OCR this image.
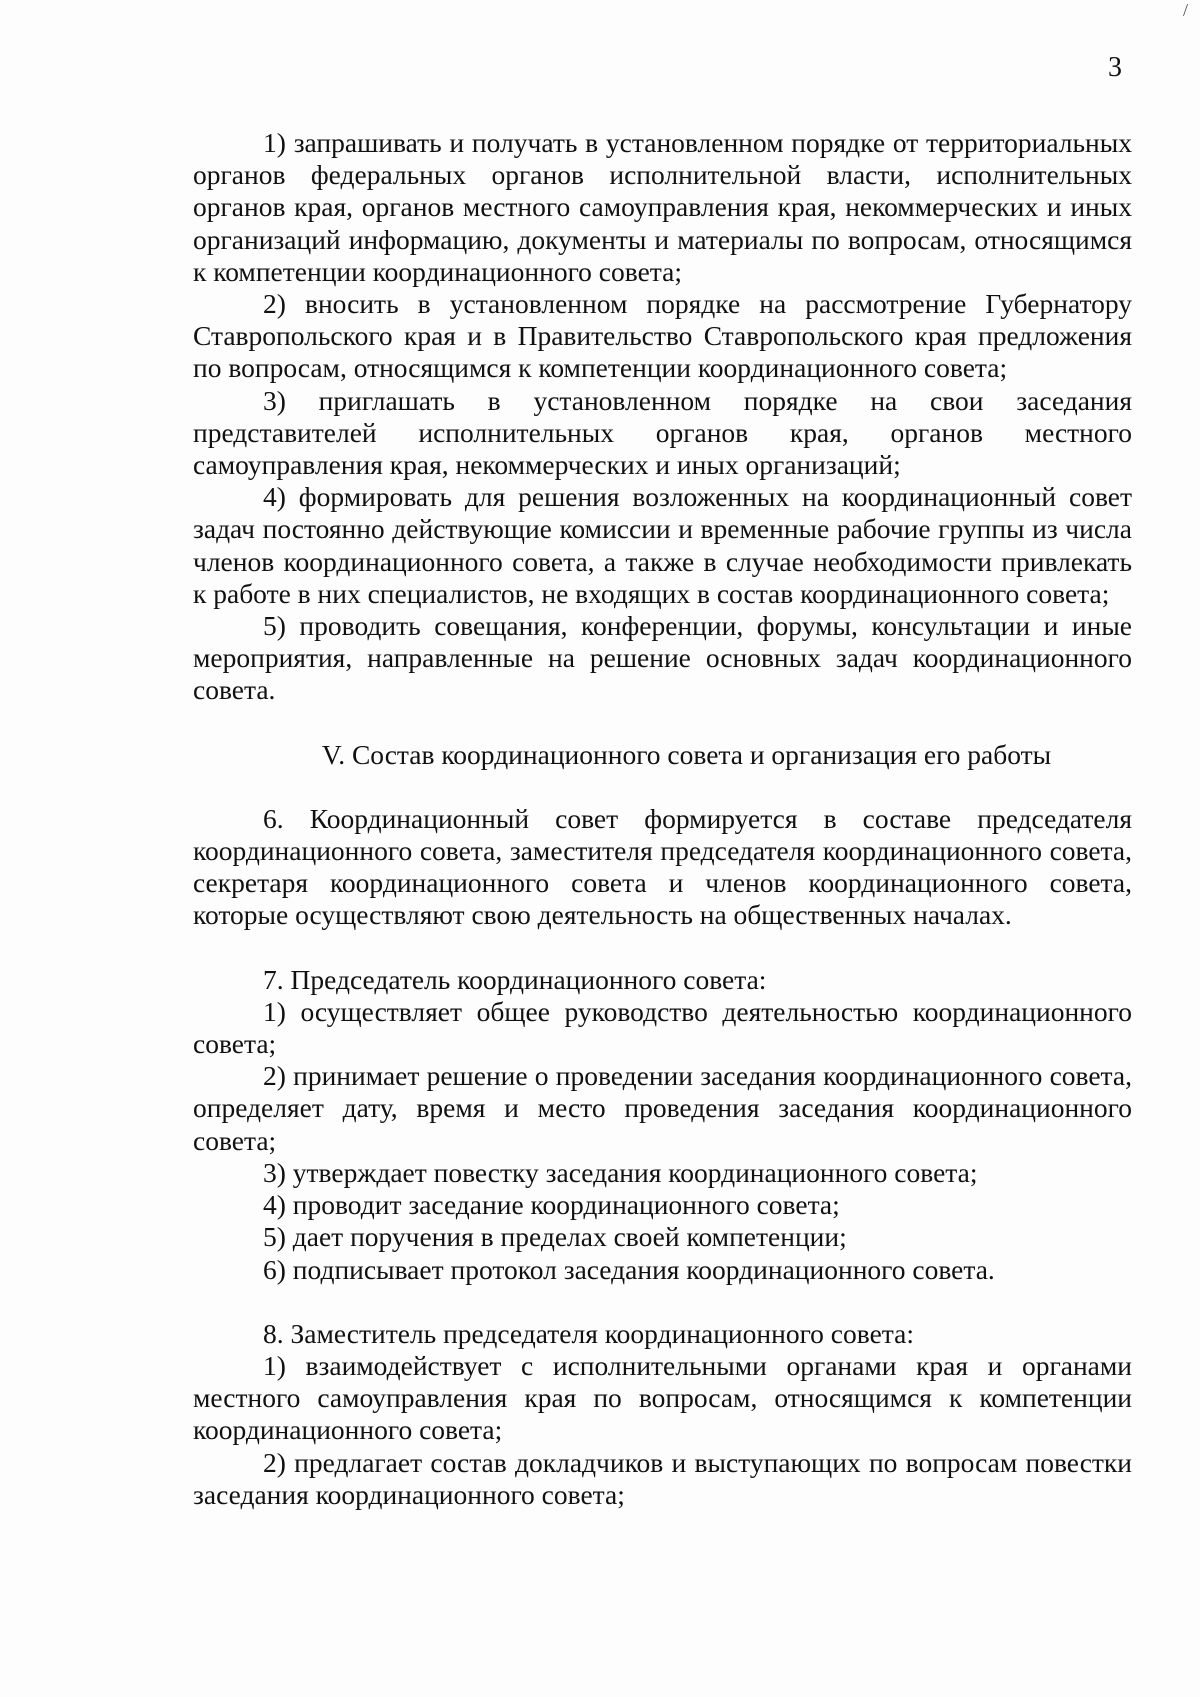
/
3

1) запрашивать и получать в установленном порядке от территориальных органов федеральных органов исполнительной власти, исполнительных органов края, органов местного самоуправления края, некоммерческих и иных организаций информацию, документы и материалы по вопросам, относящимся к компетенции координационного совета;

2) вносить в установленном порядке на рассмотрение Губернатору Ставропольского края и в Правительство Ставропольского края предложения по вопросам, относящимся к компетенции координационного совета;

3) приглашать в установленном порядке на свои заседания представителей исполнительных органов края, органов местного самоуправления края, некоммерческих и иных организаций;

4) формировать для решения возложенных на координационный совет задач постоянно действующие комиссии и временные рабочие группы из числа членов координационного совета, а также в случае необходимости привлекать к работе в них специалистов, не входящих в состав координационного совета;

5) проводить совещания, конференции, форумы, консультации и иные мероприятия, направленные на решение основных задач координационного совета.

V. Состав координационного совета и организация его работы

6. Координационный совет формируется в составе председателя координационного совета, заместителя председателя координационного совета, секретаря координационного совета и членов координационного совета, которые осуществляют свою деятельность на общественных началах.

7. Председатель координационного совета:

1) осуществляет общее руководство деятельностью координационного совета;

2) принимает решение о проведении заседания координационного совета, определяет дату, время и место проведения заседания координационного совета;

3) утверждает повестку заседания координационного совета;

4) проводит заседание координационного совета;

5) дает поручения в пределах своей компетенции;

6) подписывает протокол заседания координационного совета.

8. Заместитель председателя координационного совета:

1) взаимодействует с исполнительными органами края и органами местного самоуправления края по вопросам, относящимся к компетенции координационного совета;

2) предлагает состав докладчиков и выступающих по вопросам повестки заседания координационного совета;
